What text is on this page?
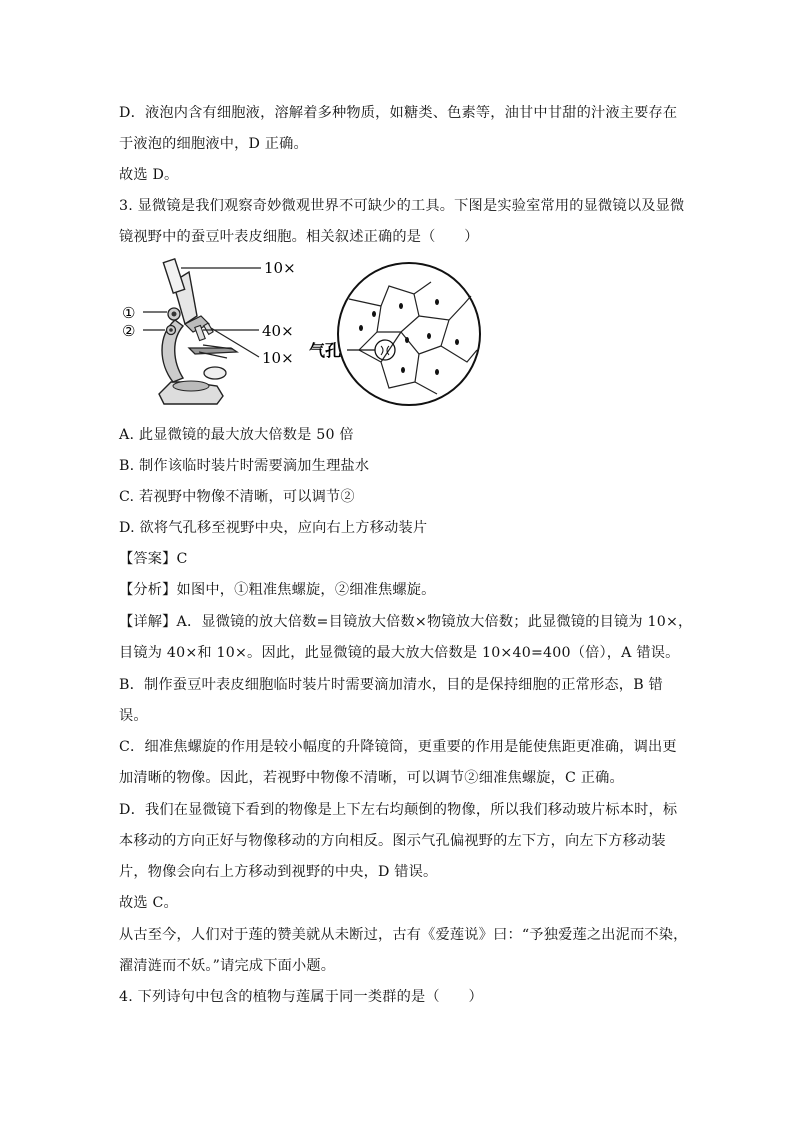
D．液泡内含有细胞液，溶解着多种物质，如糖类、色素等，油甘中甘甜的汁液主要存在
于液泡的细胞液中，D 正确。
故选 D。
3. 显微镜是我们观察奇妙微观世界不可缺少的工具。下图是实验室常用的显微镜以及显微
镜视野中的蚕豆叶表皮细胞。相关叙述正确的是（　　）
10×
①
②	40×
10× 气孔
A. 此显微镜的最大放大倍数是 50 倍
B. 制作该临时装片时需要滴加生理盐水
C. 若视野中物像不清晰，可以调节②
D. 欲将气孔移至视野中央，应向右上方移动装片
【答案】C
【分析】如图中，①粗准焦螺旋，②细准焦螺旋。
【详解】A．显微镜的放大倍数=目镜放大倍数×物镜放大倍数；此显微镜的目镜为 10×，
目镜为 40×和 10×。因此，此显微镜的最大放大倍数是 10×40=400（倍），A 错误。
B．制作蚕豆叶表皮细胞临时装片时需要滴加清水，目的是保持细胞的正常形态，B 错
误。
C．细准焦螺旋的作用是较小幅度的升降镜筒，更重要的作用是能使焦距更准确，调出更
加清晰的物像。因此，若视野中物像不清晰，可以调节②细准焦螺旋，C 正确。
D．我们在显微镜下看到的物像是上下左右均颠倒的物像，所以我们移动玻片标本时，标
本移动的方向正好与物像移动的方向相反。图示气孔偏视野的左下方，向左下方移动装
片，物像会向右上方移动到视野的中央，D 错误。
故选 C。
从古至今，人们对于莲的赞美就从未断过，古有《爱莲说》曰：“予独爱莲之出泥而不染，
濯清涟而不妖。”请完成下面小题。
4. 下列诗句中包含的植物与莲属于同一类群的是（　　）
